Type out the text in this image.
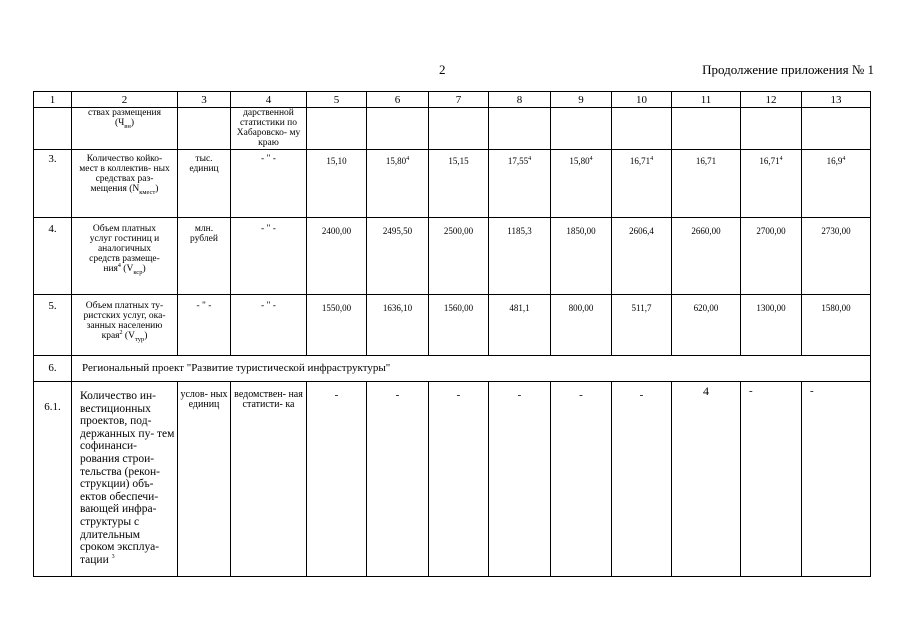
2	Продолжение приложения № 1
1	2	3	4	5	6	7	8	9	10	11	12	13
	ствах размещения $(Ч_{вн})$		дарственной статистики по Хабаровско- му краю									
3.	Количество койко- мест в коллектив- ных средствах раз- мещения $(N_{кмест})$	тыс. единиц	- " -	15,10	15,80$^4$	15,15	17,55$^4$	15,80$^4$	16,71$^4$	16,71	16,71$^4$	16,9$^4$
4.	Объем платных услуг гостиниц и аналогичных средств размеще- ния$^4$ $(V_{кср})$	млн. рублей	- " -	2400,00	2495,50	2500,00	1185,3	1850,00	2606,4	2660,00	2700,00	2730,00
5.	Объем платных ту- ристских услуг, ока- занных населению края$^2$ $(V_{тур})$	- " -	- " -	1550,00	1636,10	1560,00	481,1	800,00	511,7	620,00	1300,00	1580,00
6.	Региональный проект "Развитие туристической инфраструктуры"											
6.1.	Количество ин- вестиционных проектов, под- держанных пу- тем софинанси- рования строи- тельства (рекон- струкции) объ- ектов обеспечи- вающей инфра- структуры с длительным сроком эксплуа- тации $^3$	услов- ных единиц	ведомствен- ная статисти- ка	-	-	-	-	-	-	4	-	-
